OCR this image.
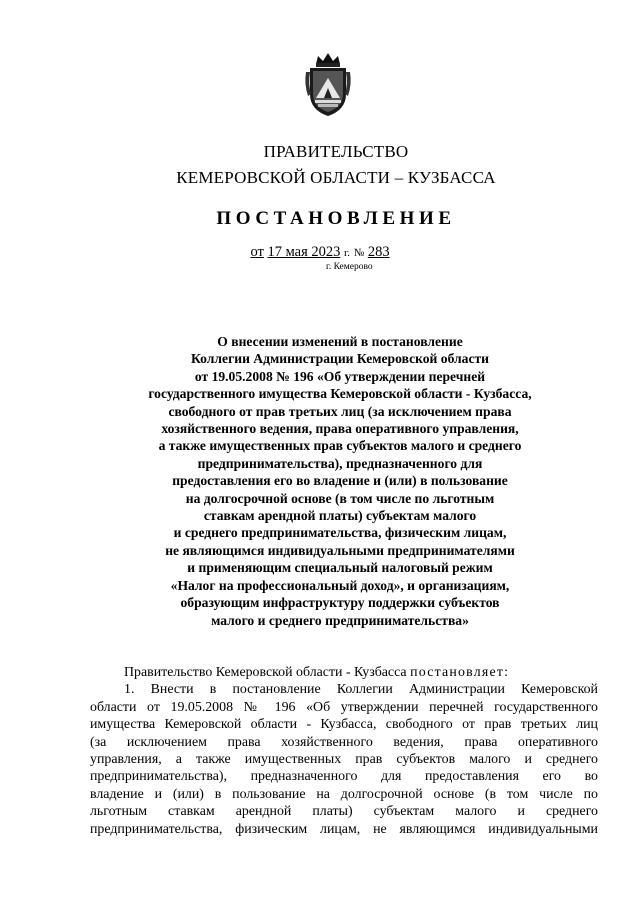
ПРАВИТЕЛЬСТВО
КЕМЕРОВСКОЙ ОБЛАСТИ – КУЗБАССА
ПОСТАНОВЛЕНИЕ
от 17 мая 2023 г. № 283
г. Кемерово
О внесении изменений в постановление
Коллегии Администрации Кемеровской области
от 19.05.2008 № 196 «Об утверждении перечней
государственного имущества Кемеровской области - Кузбасса,
свободного от прав третьих лиц (за исключением права
хозяйственного ведения, права оперативного управления,
а также имущественных прав субъектов малого и среднего
предпринимательства), предназначенного для
предоставления его во владение и (или) в пользование
на долгосрочной основе (в том числе по льготным
ставкам арендной платы) субъектам малого
и среднего предпринимательства, физическим лицам,
не являющимся индивидуальными предпринимателями
и применяющим специальный налоговый режим
«Налог на профессиональный доход», и организациям,
образующим инфраструктуру поддержки субъектов
малого и среднего предпринимательства»
Правительство Кемеровской области - Кузбасса постановляет:
1. Внести в постановление Коллегии Администрации Кемеровской
области от 19.05.2008 № 196 «Об утверждении перечней государственного
имущества Кемеровской области - Кузбасса, свободного от прав третьих лиц
(за исключением права хозяйственного ведения, права оперативного
управления, а также имущественных прав субъектов малого и среднего
предпринимательства), предназначенного для предоставления его во
владение и (или) в пользование на долгосрочной основе (в том числе по
льготным ставкам арендной платы) субъектам малого и среднего
предпринимательства, физическим лицам, не являющимся индивидуальными
